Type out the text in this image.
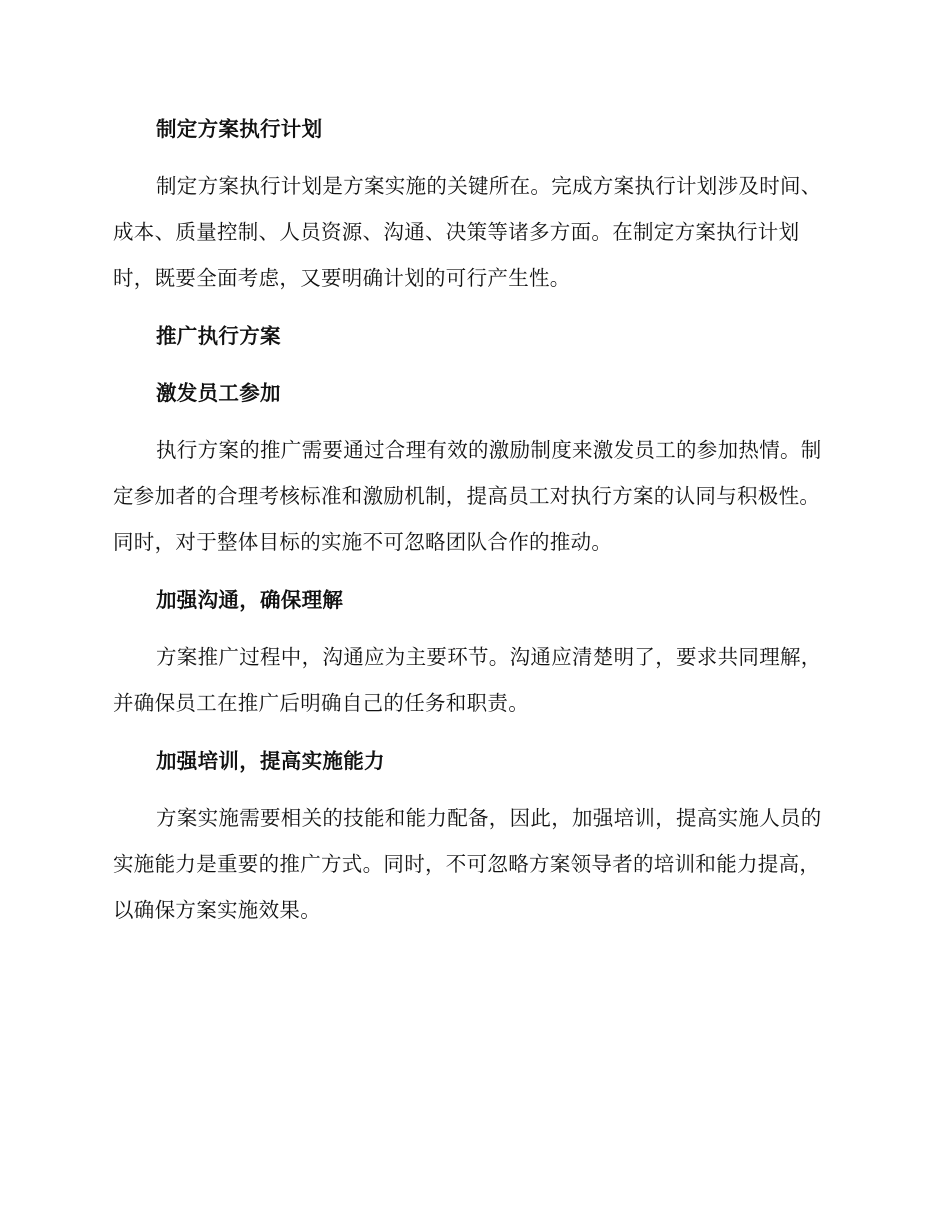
制定方案执行计划

制定方案执行计划是方案实施的关键所在。完成方案执行计划涉及时间、成本、质量控制、人员资源、沟通、决策等诸多方面。在制定方案执行计划时，既要全面考虑，又要明确计划的可行产生性。

推广执行方案

激发员工参加

执行方案的推广需要通过合理有效的激励制度来激发员工的参加热情。制定参加者的合理考核标准和激励机制，提高员工对执行方案的认同与积极性。同时，对于整体目标的实施不可忽略团队合作的推动。

加强沟通，确保理解

方案推广过程中，沟通应为主要环节。沟通应清楚明了，要求共同理解，并确保员工在推广后明确自己的任务和职责。

加强培训，提高实施能力

方案实施需要相关的技能和能力配备，因此，加强培训，提高实施人员的实施能力是重要的推广方式。同时，不可忽略方案领导者的培训和能力提高，以确保方案实施效果。
